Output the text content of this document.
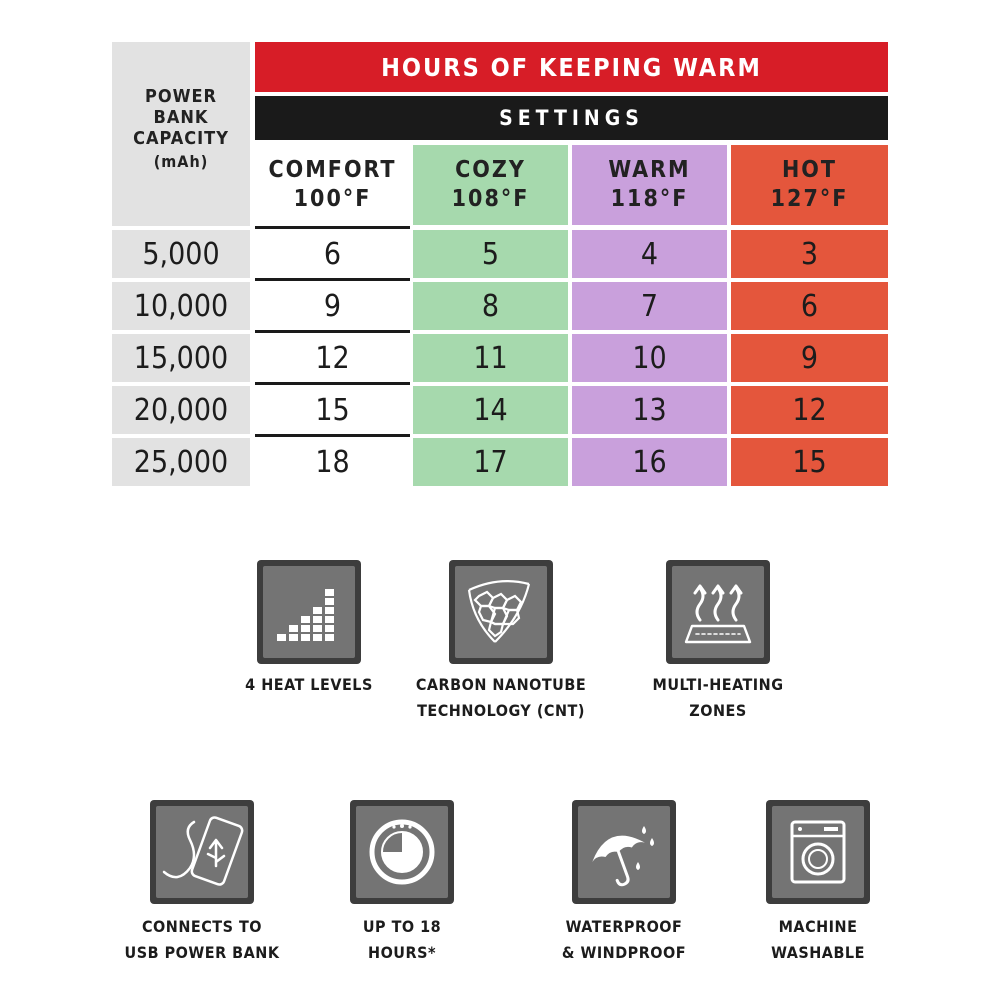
POWER
BANK
CAPACITY
(mAh)
HOURS OF KEEPING WARM
SETTINGS
COMFORT
100°F
COZY
108°F
WARM
118°F
HOT
127°F
5,000	6	5	4	3
10,000	9	8	7	6
15,000	12	11	10	9
20,000	15	14	13	12
25,000	18	17	16	15
4 HEAT LEVELS	CARBON NANOTUBE
TECHNOLOGY (CNT)
MULTI-HEATING
ZONES
CONNECTS TO
USB POWER BANK
UP TO 18
HOURS*
WATERPROOF
& WINDPROOF
MACHINE
WASHABLE
